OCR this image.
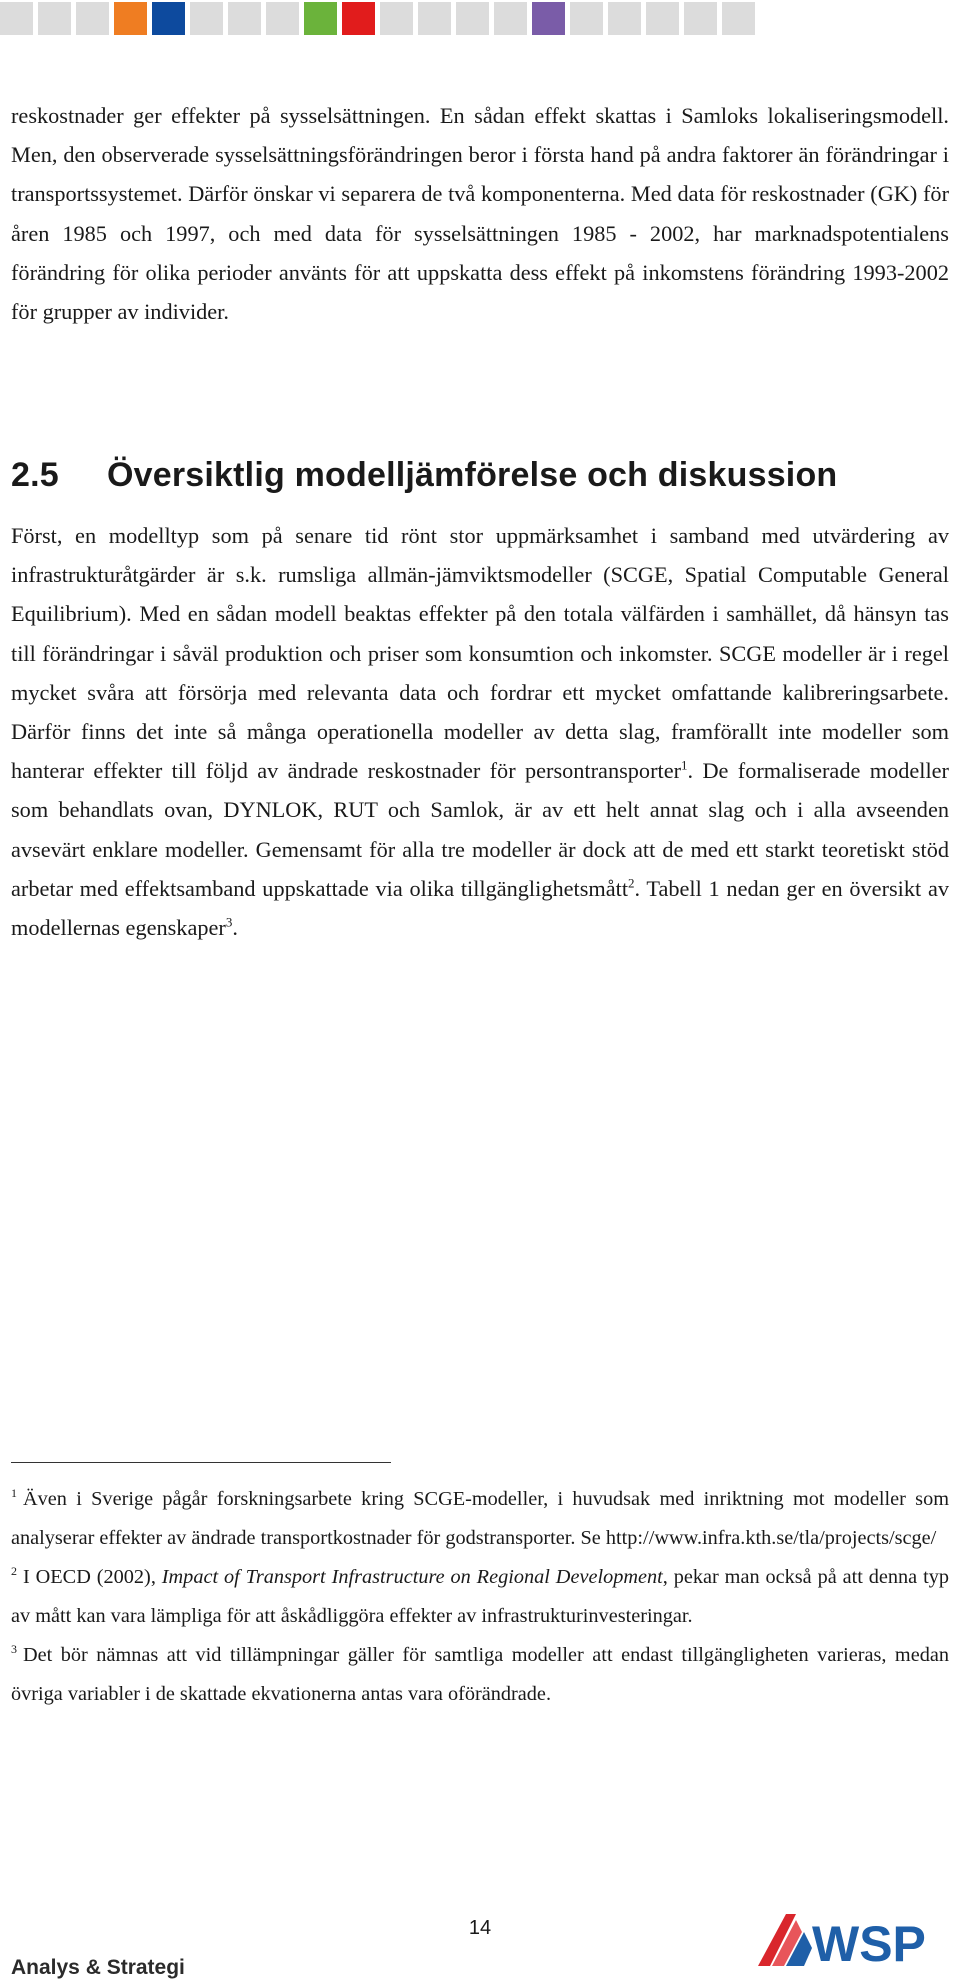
reskostnader ger effekter på sysselsättningen. En sådan effekt skattas i Samloks lokaliseringsmodell. Men, den observerade sysselsättningsförändringen beror i första hand på andra faktorer än förändringar i transportssystemet. Därför önskar vi separera de två komponenterna. Med data för reskostnader (GK) för åren 1985 och 1997, och med data för sysselsättningen 1985 - 2002, har marknadspotentialens förändring för olika perioder använts för att uppskatta dess effekt på inkomstens förändring 1993-2002 för grupper av individer.

2.5 Översiktlig modelljämförelse och diskussion

Först, en modelltyp som på senare tid rönt stor uppmärksamhet i samband med utvärdering av infrastrukturåtgärder är s.k. rumsliga allmän-jämviktsmodeller (SCGE, Spatial Computable General Equilibrium). Med en sådan modell beaktas effekter på den totala välfärden i samhället, då hänsyn tas till förändringar i såväl produktion och priser som konsumtion och inkomster. SCGE modeller är i regel mycket svåra att försörja med relevanta data och fordrar ett mycket omfattande kalibreringsarbete. Därför finns det inte så många operationella modeller av detta slag, framförallt inte modeller som hanterar effekter till följd av ändrade reskostnader för persontransporter$^1$. De formaliserade modeller som behandlats ovan, DYNLOK, RUT och Samlok, är av ett helt annat slag och i alla avseenden avsevärt enklare modeller. Gemensamt för alla tre modeller är dock att de med ett starkt teoretiskt stöd arbetar med effektsamband uppskattade via olika tillgänglighetsmått$^2$. Tabell 1 nedan ger en översikt av modellernas egenskaper$^3$.

$^1$ Även i Sverige pågår forskningsarbete kring SCGE-modeller, i huvudsak med inriktning mot modeller som analyserar effekter av ändrade transportkostnader för godstransporter. Se http://www.infra.kth.se/tla/projects/scge/

$^2$ I OECD (2002), Impact of Transport Infrastructure on Regional Development, pekar man också på att denna typ av mått kan vara lämpliga för att åskådliggöra effekter av infrastrukturinvesteringar.

$^3$ Det bör nämnas att vid tillämpningar gäller för samtliga modeller att endast tillgängligheten varieras, medan övriga variabler i de skattade ekvationerna antas vara oförändrade.

14
Analys & Strategi	WSP
